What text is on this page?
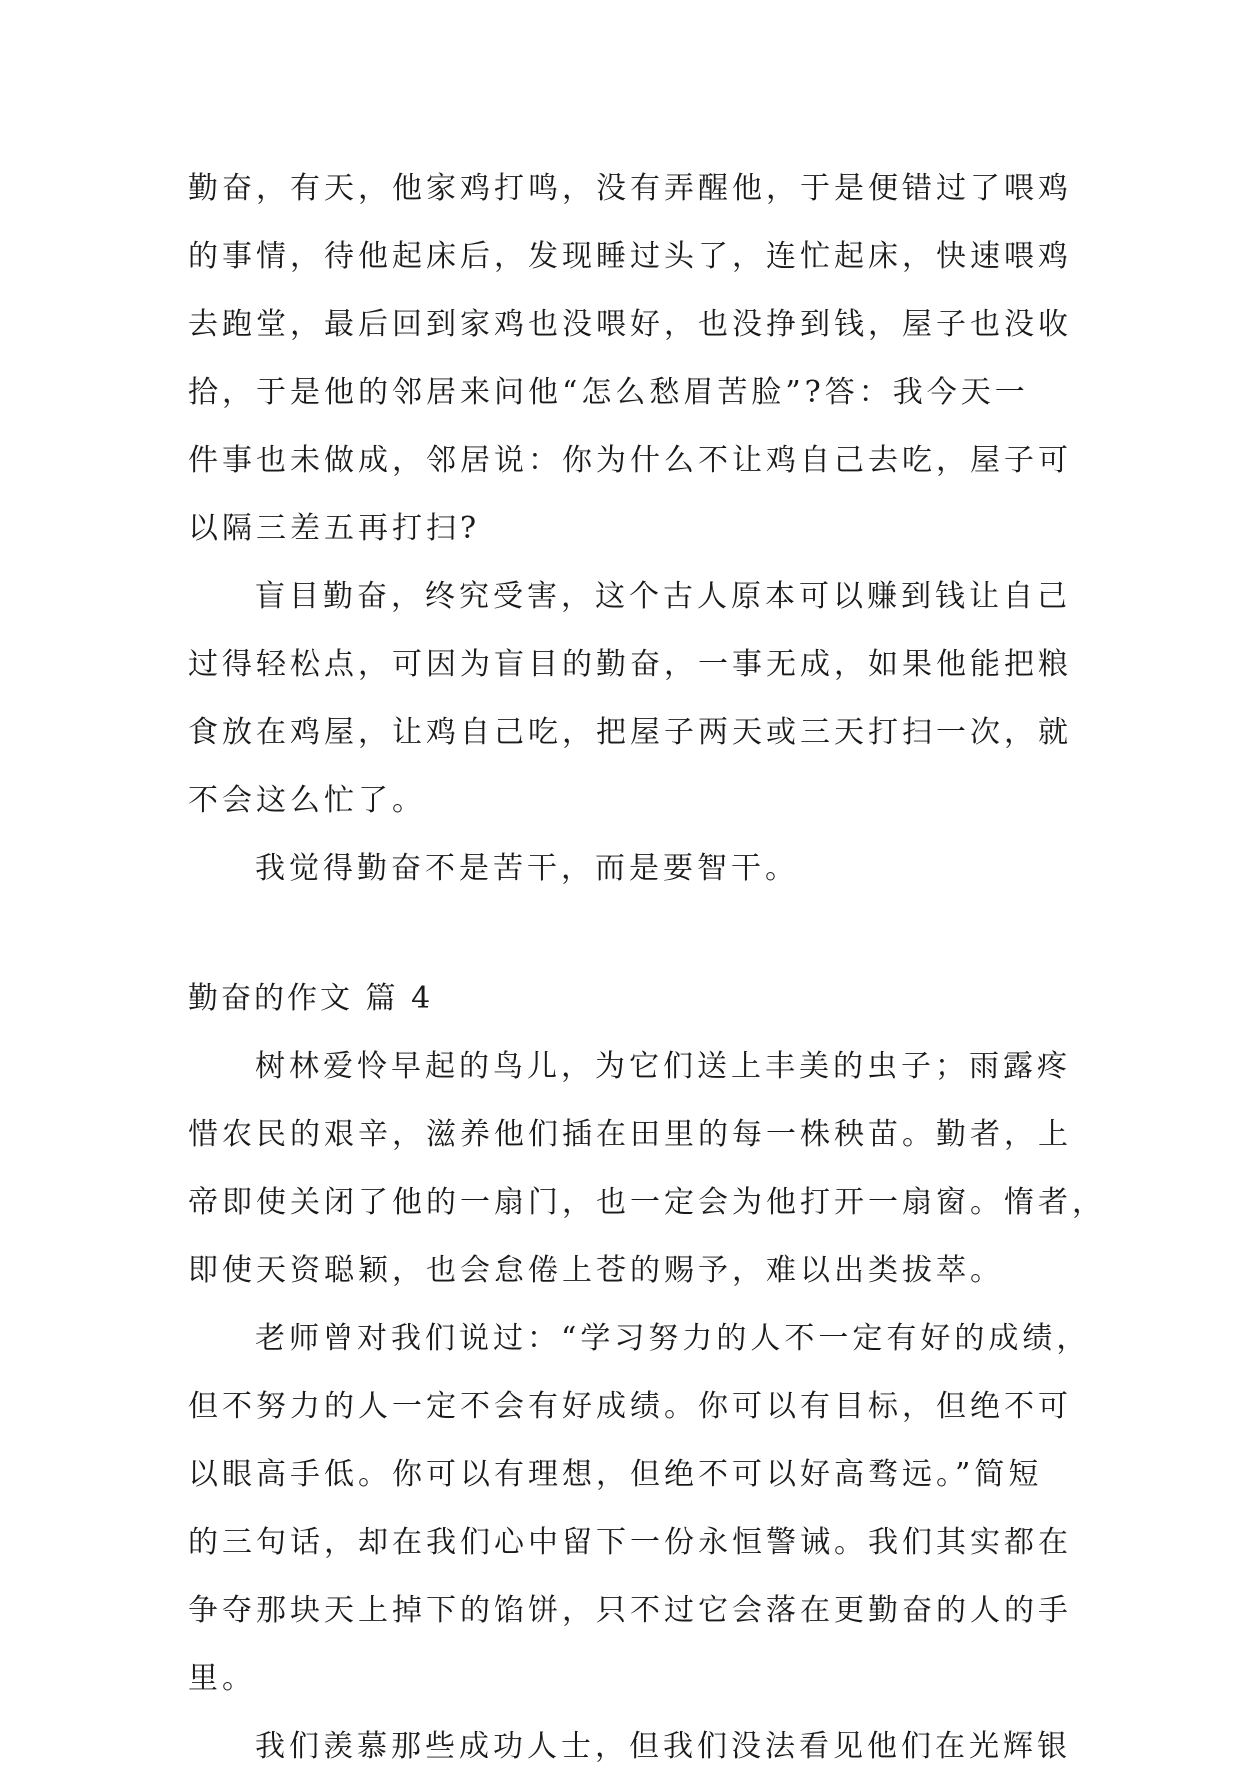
勤奋，有天，他家鸡打鸣，没有弄醒他，于是便错过了喂鸡
的事情，待他起床后，发现睡过头了，连忙起床，快速喂鸡
去跑堂，最后回到家鸡也没喂好，也没挣到钱，屋子也没收
拾，于是他的邻居来问他“怎么愁眉苦脸”?答：我今天一
件事也未做成，邻居说：你为什么不让鸡自己去吃，屋子可
以隔三差五再打扫?
盲目勤奋，终究受害，这个古人原本可以赚到钱让自己
过得轻松点，可因为盲目的勤奋，一事无成，如果他能把粮
食放在鸡屋，让鸡自己吃，把屋子两天或三天打扫一次，就
不会这么忙了。
我觉得勤奋不是苦干，而是要智干。
勤奋的作文 篇 4
树林爱怜早起的鸟儿，为它们送上丰美的虫子；雨露疼
惜农民的艰辛，滋养他们插在田里的每一株秧苗。勤者，上
帝即使关闭了他的一扇门，也一定会为他打开一扇窗。惰者，
即使天资聪颖，也会怠倦上苍的赐予，难以出类拔萃。
老师曾对我们说过：“学习努力的人不一定有好的成绩，
但不努力的人一定不会有好成绩。你可以有目标，但绝不可
以眼高手低。你可以有理想，但绝不可以好高骛远。”简短
的三句话，却在我们心中留下一份永恒警诫。我们其实都在
争夺那块天上掉下的馅饼，只不过它会落在更勤奋的人的手
里。
我们羡慕那些成功人士，但我们没法看见他们在光辉银
